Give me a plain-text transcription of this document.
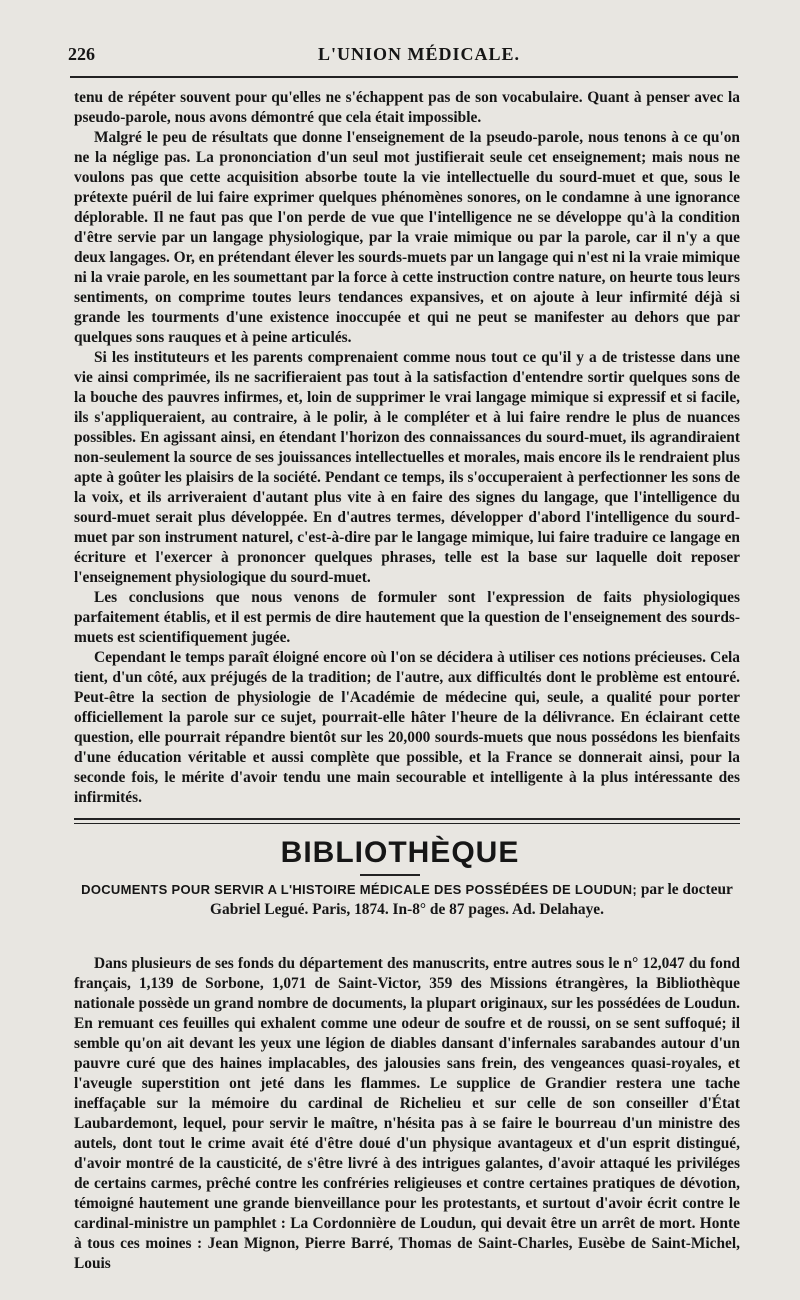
226	L'UNION MÉDICALE.

tenu de répéter souvent pour qu'elles ne s'échappent pas de son vocabulaire. Quant à penser avec la pseudo-parole, nous avons démontré que cela était impossible.

Malgré le peu de résultats que donne l'enseignement de la pseudo-parole, nous tenons à ce qu'on ne la néglige pas. La prononciation d'un seul mot justifierait seule cet enseignement; mais nous ne voulons pas que cette acquisition absorbe toute la vie intellectuelle du sourd-muet et que, sous le prétexte puéril de lui faire exprimer quelques phénomènes sonores, on le condamne à une ignorance déplorable. Il ne faut pas que l'on perde de vue que l'intelligence ne se développe qu'à la condition d'être servie par un langage physiologique, par la vraie mimique ou par la parole, car il n'y a que deux langages. Or, en prétendant élever les sourds-muets par un langage qui n'est ni la vraie mimique ni la vraie parole, en les soumettant par la force à cette instruction contre nature, on heurte tous leurs sentiments, on comprime toutes leurs tendances expansives, et on ajoute à leur infirmité déjà si grande les tourments d'une existence inoccupée et qui ne peut se manifester au dehors que par quelques sons rauques et à peine articulés.

Si les instituteurs et les parents comprenaient comme nous tout ce qu'il y a de tristesse dans une vie ainsi comprimée, ils ne sacrifieraient pas tout à la satisfaction d'entendre sortir quelques sons de la bouche des pauvres infirmes, et, loin de supprimer le vrai langage mimique si expressif et si facile, ils s'appliqueraient, au contraire, à le polir, à le compléter et à lui faire rendre le plus de nuances possibles. En agissant ainsi, en étendant l'horizon des connaissances du sourd-muet, ils agrandiraient non-seulement la source de ses jouissances intellectuelles et morales, mais encore ils le rendraient plus apte à goûter les plaisirs de la société. Pendant ce temps, ils s'occuperaient à perfectionner les sons de la voix, et ils arriveraient d'autant plus vite à en faire des signes du langage, que l'intelligence du sourd-muet serait plus développée. En d'autres termes, développer d'abord l'intelligence du sourd-muet par son instrument naturel, c'est-à-dire par le langage mimique, lui faire traduire ce langage en écriture et l'exercer à prononcer quelques phrases, telle est la base sur laquelle doit reposer l'enseignement physiologique du sourd-muet.

Les conclusions que nous venons de formuler sont l'expression de faits physiologiques parfaitement établis, et il est permis de dire hautement que la question de l'enseignement des sourds-muets est scientifiquement jugée.

Cependant le temps paraît éloigné encore où l'on se décidera à utiliser ces notions précieuses. Cela tient, d'un côté, aux préjugés de la tradition; de l'autre, aux difficultés dont le problème est entouré. Peut-être la section de physiologie de l'Académie de médecine qui, seule, a qualité pour porter officiellement la parole sur ce sujet, pourrait-elle hâter l'heure de la délivrance. En éclairant cette question, elle pourrait répandre bientôt sur les 20,000 sourds-muets que nous possédons les bienfaits d'une éducation véritable et aussi complète que possible, et la France se donnerait ainsi, pour la seconde fois, le mérite d'avoir tendu une main secourable et intelligente à la plus intéressante des infirmités.

BIBLIOTHÈQUE
DOCUMENTS POUR SERVIR A L'HISTOIRE MÉDICALE DES POSSÉDÉES DE LOUDUN; par le docteur Gabriel Legué. Paris, 1874. In-8° de 87 pages. Ad. Delahaye.

Dans plusieurs de ses fonds du département des manuscrits, entre autres sous le n° 12,047 du fond français, 1,139 de Sorbone, 1,071 de Saint-Victor, 359 des Missions étrangères, la Bibliothèque nationale possède un grand nombre de documents, la plupart originaux, sur les possédées de Loudun. En remuant ces feuilles qui exhalent comme une odeur de soufre et de roussi, on se sent suffoqué; il semble qu'on ait devant les yeux une légion de diables dansant d'infernales sarabandes autour d'un pauvre curé que des haines implacables, des jalousies sans frein, des vengeances quasi-royales, et l'aveugle superstition ont jeté dans les flammes. Le supplice de Grandier restera une tache ineffaçable sur la mémoire du cardinal de Richelieu et sur celle de son conseiller d'État Laubardemont, lequel, pour servir le maître, n'hésita pas à se faire le bourreau d'un ministre des autels, dont tout le crime avait été d'être doué d'un physique avantageux et d'un esprit distingué, d'avoir montré de la causticité, de s'être livré à des intrigues galantes, d'avoir attaqué les priviléges de certains carmes, prêché contre les confréries religieuses et contre certaines pratiques de dévotion, témoigné hautement une grande bienveillance pour les protestants, et surtout d'avoir écrit contre le cardinal-ministre un pamphlet : La Cordonnière de Loudun, qui devait être un arrêt de mort. Honte à tous ces moines : Jean Mignon, Pierre Barré, Thomas de Saint-Charles, Eusèbe de Saint-Michel, Louis
